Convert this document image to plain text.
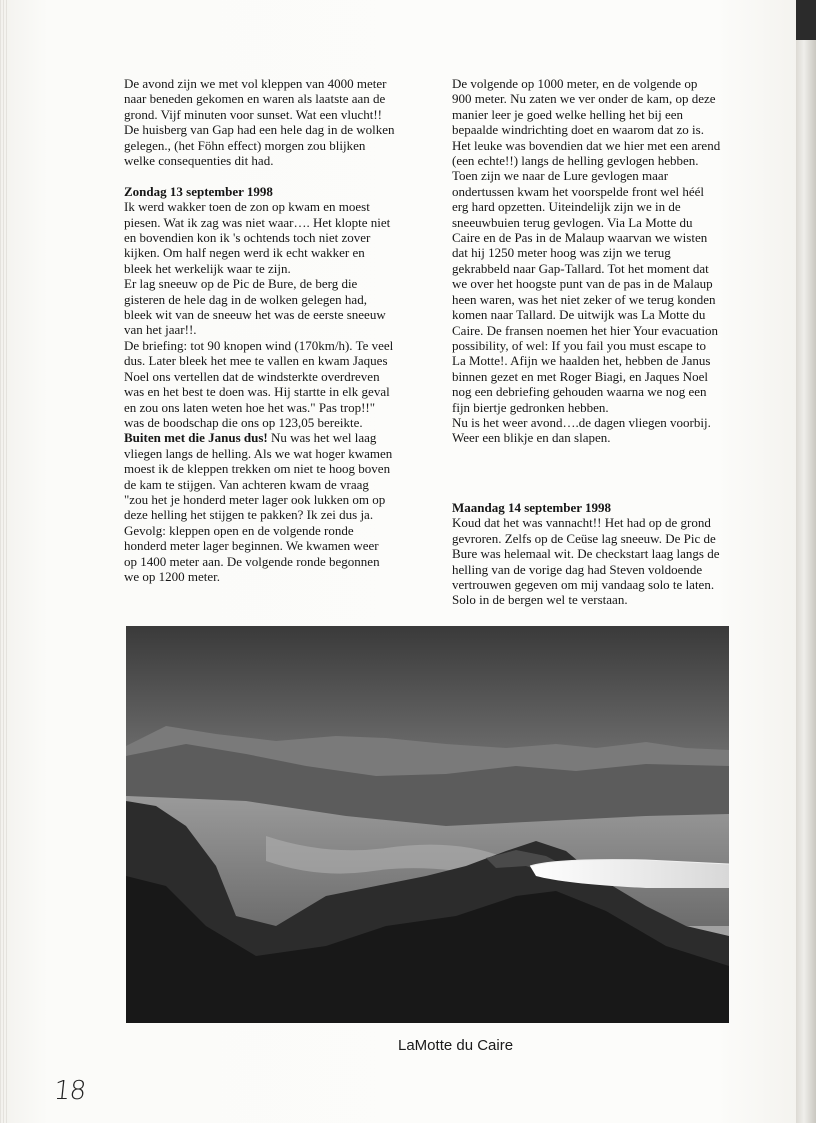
De avond zijn we met vol kleppen van 4000 meter
naar beneden gekomen en waren als laatste aan de
grond. Vijf minuten voor sunset. Wat een vlucht!!
De huisberg van Gap had een hele dag in de wolken
gelegen., (het Föhn effect) morgen zou blijken
welke consequenties dit had.
Zondag 13 september 1998
Ik werd wakker toen de zon op kwam en moest
piesen. Wat ik zag was niet waar…. Het klopte niet
en bovendien kon ik 's ochtends toch niet zover
kijken. Om half negen werd ik echt wakker en
bleek het werkelijk waar te zijn.
Er lag sneeuw op de Pic de Bure, de berg die
gisteren de hele dag in de wolken gelegen had,
bleek wit van de sneeuw het was de eerste sneeuw
van het jaar!!.
De briefing: tot 90 knopen wind (170km/h). Te veel
dus. Later bleek het mee te vallen en kwam Jaques
Noel ons vertellen dat de windsterkte overdreven
was en het best te doen was. Hij startte in elk geval
en zou ons laten weten hoe het was." Pas trop!!"
was de boodschap die ons op 123,05 bereikte.
Buiten met die Janus dus! Nu was het wel laag
vliegen langs de helling. Als we wat hoger kwamen
moest ik de kleppen trekken om niet te hoog boven
de kam te stijgen. Van achteren kwam de vraag
"zou het je honderd meter lager ook lukken om op
deze helling het stijgen te pakken? Ik zei dus ja.
Gevolg: kleppen open en de volgende ronde
honderd meter lager beginnen. We kwamen weer
op 1400 meter aan. De volgende ronde begonnen
we op 1200 meter.
De volgende op 1000 meter, en de volgende op
900 meter. Nu zaten we ver onder de kam, op deze
manier leer je goed welke helling het bij een
bepaalde windrichting doet en waarom dat zo is.
Het leuke was bovendien dat we hier met een arend
(een echte!!) langs de helling gevlogen hebben.
Toen zijn we naar de Lure gevlogen maar
ondertussen kwam het voorspelde front wel héél
erg hard opzetten. Uiteindelijk zijn we in de
sneeuwbuien terug gevlogen. Via La Motte du
Caire en de Pas in de Malaup waarvan we wisten
dat hij 1250 meter hoog was zijn we terug
gekrabbeld naar Gap-Tallard. Tot het moment dat
we over het hoogste punt van de pas in de Malaup
heen waren, was het niet zeker of we terug konden
komen naar Tallard. De uitwijk was La Motte du
Caire. De fransen noemen het hier Your evacuation
possibility, of wel: If you fail you must escape to
La Motte!. Afijn we haalden het, hebben de Janus
binnen gezet en met Roger Biagi, en Jaques Noel
nog een debriefing gehouden waarna we nog een
fijn biertje gedronken hebben.
Nu is het weer avond….de dagen vliegen voorbij.
Weer een blikje en dan slapen.
Maandag 14 september 1998
Koud dat het was vannacht!! Het had op de grond
gevroren. Zelfs op de Ceüse lag sneeuw. De Pic de
Bure was helemaal wit. De checkstart laag langs de
helling van de vorige dag had Steven voldoende
vertrouwen gegeven om mij vandaag solo te laten.
Solo in de bergen wel te verstaan.
LaMotte du Caire
18
